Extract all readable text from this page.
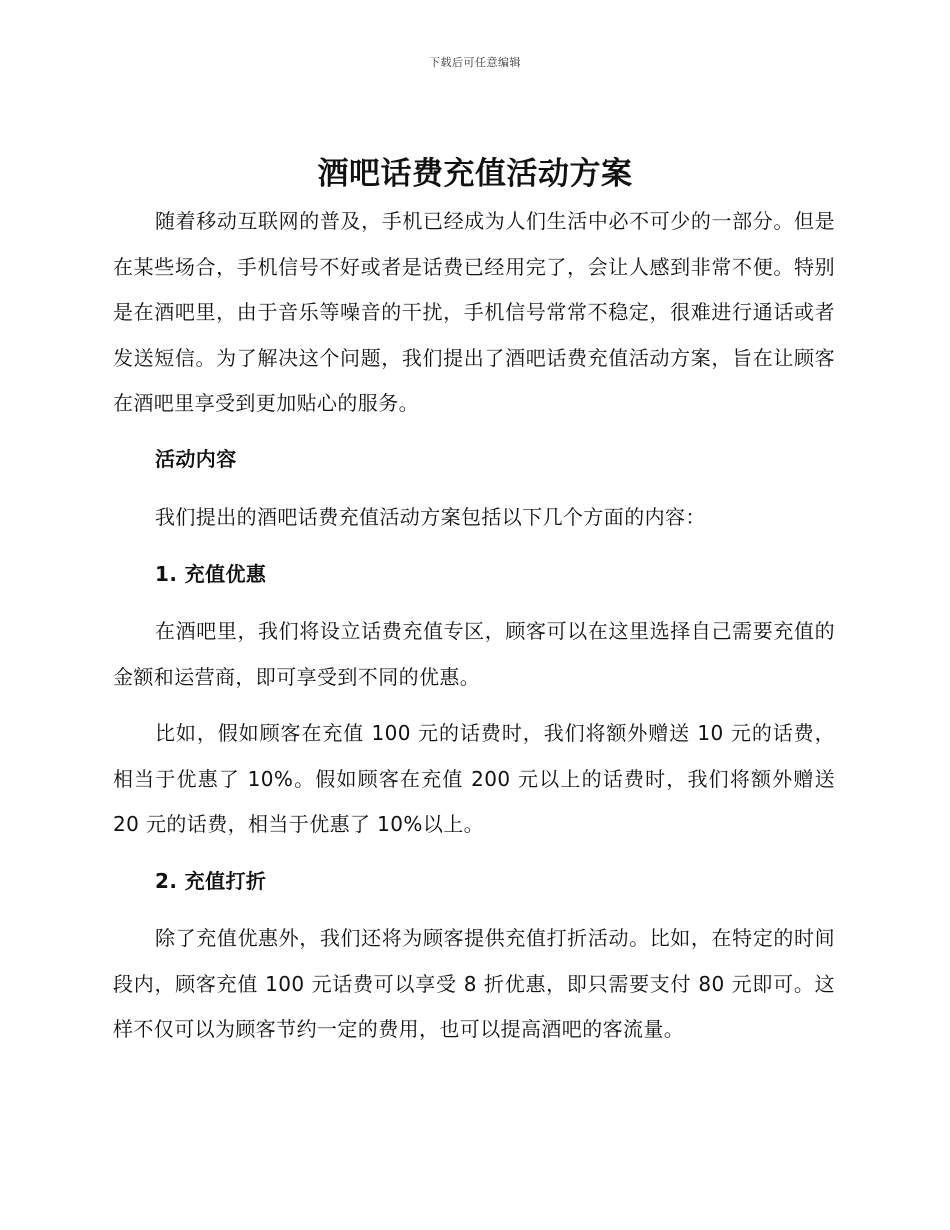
下载后可任意编辑
酒吧话费充值活动方案

随着移动互联网的普及，手机已经成为人们生活中必不可少的一部分。但是在某些场合，手机信号不好或者是话费已经用完了，会让人感到非常不便。特别是在酒吧里，由于音乐等噪音的干扰，手机信号常常不稳定，很难进行通话或者发送短信。为了解决这个问题，我们提出了酒吧话费充值活动方案，旨在让顾客在酒吧里享受到更加贴心的服务。

活动内容

我们提出的酒吧话费充值活动方案包括以下几个方面的内容：

1. 充值优惠

在酒吧里，我们将设立话费充值专区，顾客可以在这里选择自己需要充值的金额和运营商，即可享受到不同的优惠。

比如，假如顾客在充值 100 元的话费时，我们将额外赠送 10 元的话费，相当于优惠了 10%。假如顾客在充值 200 元以上的话费时，我们将额外赠送 20 元的话费，相当于优惠了 10%以上。

2. 充值打折

除了充值优惠外，我们还将为顾客提供充值打折活动。比如，在特定的时间段内，顾客充值 100 元话费可以享受 8 折优惠，即只需要支付 80 元即可。这样不仅可以为顾客节约一定的费用，也可以提高酒吧的客流量。
